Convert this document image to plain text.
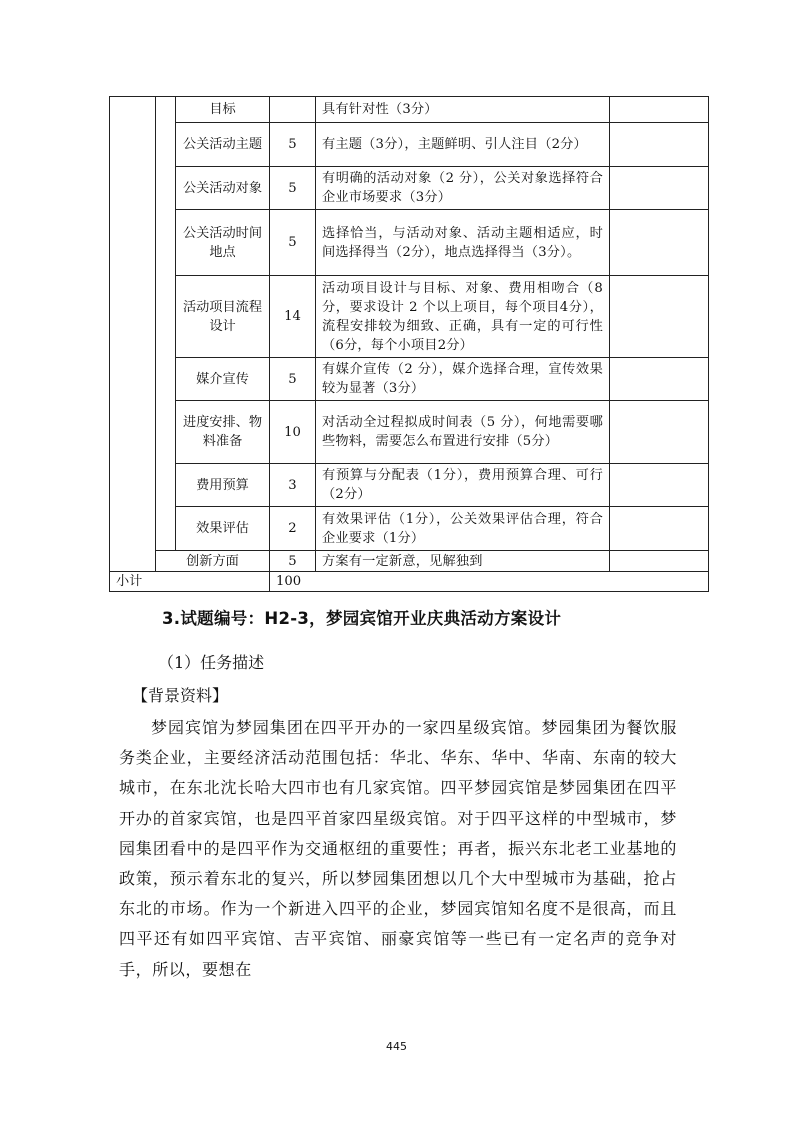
		目标		具有针对性（3分）	
		公关活动主题	5	有主题（3分），主题鲜明、引人注目（2分）	
		公关活动对象	5	有明确的活动对象（2 分），公关对象选择符合企业市场要求（3分）	
		公关活动时间地点	5	选择恰当，与活动对象、活动主题相适应，时间选择得当（2分），地点选择得当（3分）。	
		活动项目流程设计	14	活动项目设计与目标、对象、费用相吻合（8分，要求设计 2 个以上项目，每个项目4分），流程安排较为细致、正确，具有一定的可行性（6分，每个小项目2分）	
		媒介宣传	5	有媒介宣传（2 分），媒介选择合理，宣传效果较为显著（3分）	
		进度安排、物料准备	10	对活动全过程拟成时间表（5 分），何地需要哪些物料，需要怎么布置进行安排（5分）	
		费用预算	3	有预算与分配表（1分），费用预算合理、可行（2分）	
		效果评估	2	有效果评估（1分），公关效果评估合理，符合企业要求（1分）	
	创新方面		5	方案有一定新意，见解独到	
小计			100		
3.试题编号：H2-3，梦园宾馆开业庆典活动方案设计
（1）任务描述
【背景资料】

梦园宾馆为梦园集团在四平开办的一家四星级宾馆。梦园集团为餐饮服务类企业，主要经济活动范围包括：华北、华东、华中、华南、东南的较大城市，在东北沈长哈大四市也有几家宾馆。四平梦园宾馆是梦园集团在四平开办的首家宾馆，也是四平首家四星级宾馆。对于四平这样的中型城市，梦园集团看中的是四平作为交通枢纽的重要性；再者，振兴东北老工业基地的政策，预示着东北的复兴，所以梦园集团想以几个大中型城市为基础，抢占东北的市场。作为一个新进入四平的企业，梦园宾馆知名度不是很高，而且四平还有如四平宾馆、吉平宾馆、丽豪宾馆等一些已有一定名声的竞争对手，所以，要想在

445
